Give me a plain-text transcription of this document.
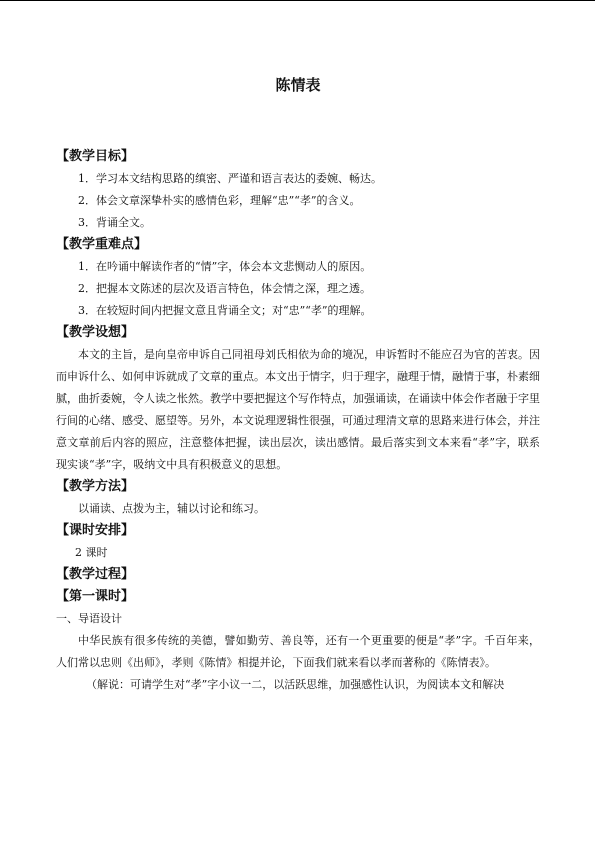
陈情表

【教学目标】

1．学习本文结构思路的缜密、严谨和语言表达的委婉、畅达。

2．体会文章深挚朴实的感情色彩，理解“忠”“孝”的含义。

3．背诵全文。

【教学重难点】

1．在吟诵中解读作者的“情”字，体会本文悲恻动人的原因。

2．把握本文陈述的层次及语言特色，体会情之深，理之透。

3．在较短时间内把握文意且背诵全文；对“忠”“孝”的理解。

【教学设想】

本文的主旨，是向皇帝申诉自己同祖母刘氏相依为命的境况，申诉暂时不能应召为官的苦衷。因而申诉什么、如何申诉就成了文章的重点。本文出于情字，归于理字，融理于情，融情于事，朴素细腻，曲折委婉，令人读之怅然。教学中要把握这个写作特点，加强诵读，在诵读中体会作者融于字里行间的心绪、感受、愿望等。另外，本文说理逻辑性很强，可通过理清文章的思路来进行体会，并注意文章前后内容的照应，注意整体把握，读出层次，读出感情。最后落实到文本来看“孝”字，联系现实谈“孝”字，吸纳文中具有积极意义的思想。

【教学方法】

以诵读、点拨为主，辅以讨论和练习。

【课时安排】

2 课时

【教学过程】

【第一课时】

一、导语设计

中华民族有很多传统的美德，譬如勤劳、善良等，还有一个更重要的便是“孝”字。千百年来，人们常以忠则《出师》，孝则《陈情》相提并论，下面我们就来看以孝而著称的《陈情表》。

（解说：可请学生对“孝”字小议一二，以活跃思维，加强感性认识，为阅读本文和解决
